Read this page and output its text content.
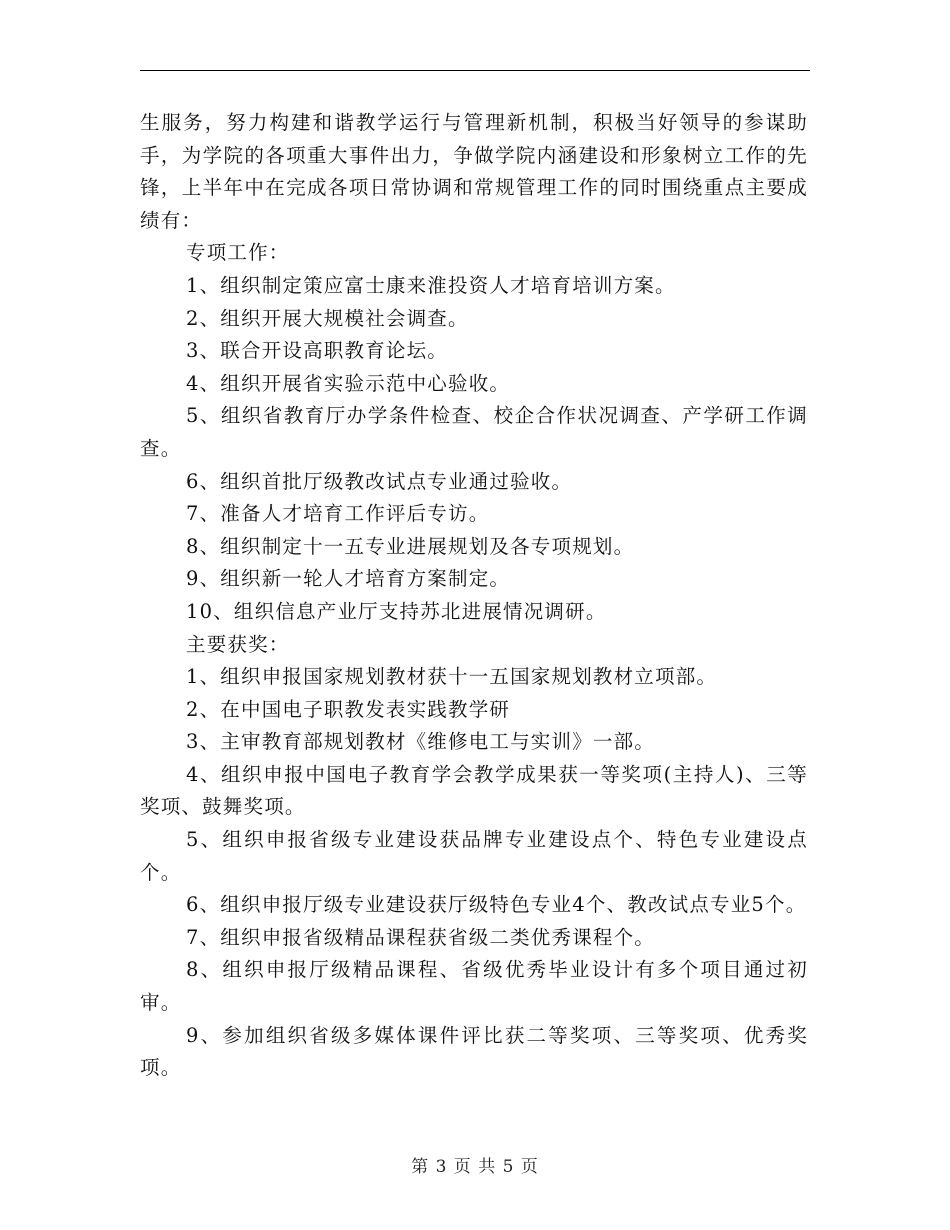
生服务，努力构建和谐教学运行与管理新机制，积极当好领导的参谋助手，为学院的各项重大事件出力，争做学院内涵建设和形象树立工作的先锋，上半年中在完成各项日常协调和常规管理工作的同时围绕重点主要成绩有：

专项工作：

1、组织制定策应富士康来淮投资人才培育培训方案。

2、组织开展大规模社会调查。

3、联合开设高职教育论坛。

4、组织开展省实验示范中心验收。

5、组织省教育厅办学条件检查、校企合作状况调查、产学研工作调查。

6、组织首批厅级教改试点专业通过验收。

7、准备人才培育工作评后专访。

8、组织制定十一五专业进展规划及各专项规划。

9、组织新一轮人才培育方案制定。

10、组织信息产业厅支持苏北进展情况调研。

主要获奖：

1、组织申报国家规划教材获十一五国家规划教材立项部。

2、在中国电子职教发表实践教学研

3、主审教育部规划教材《维修电工与实训》一部。

4、组织申报中国电子教育学会教学成果获一等奖项(主持人)、三等奖项、鼓舞奖项。

5、组织申报省级专业建设获品牌专业建设点个、特色专业建设点个。

6、组织申报厅级专业建设获厅级特色专业4个、教改试点专业5个。

7、组织申报省级精品课程获省级二类优秀课程个。

8、组织申报厅级精品课程、省级优秀毕业设计有多个项目通过初审。

9、参加组织省级多媒体课件评比获二等奖项、三等奖项、优秀奖项。

第 3 页 共 5 页
